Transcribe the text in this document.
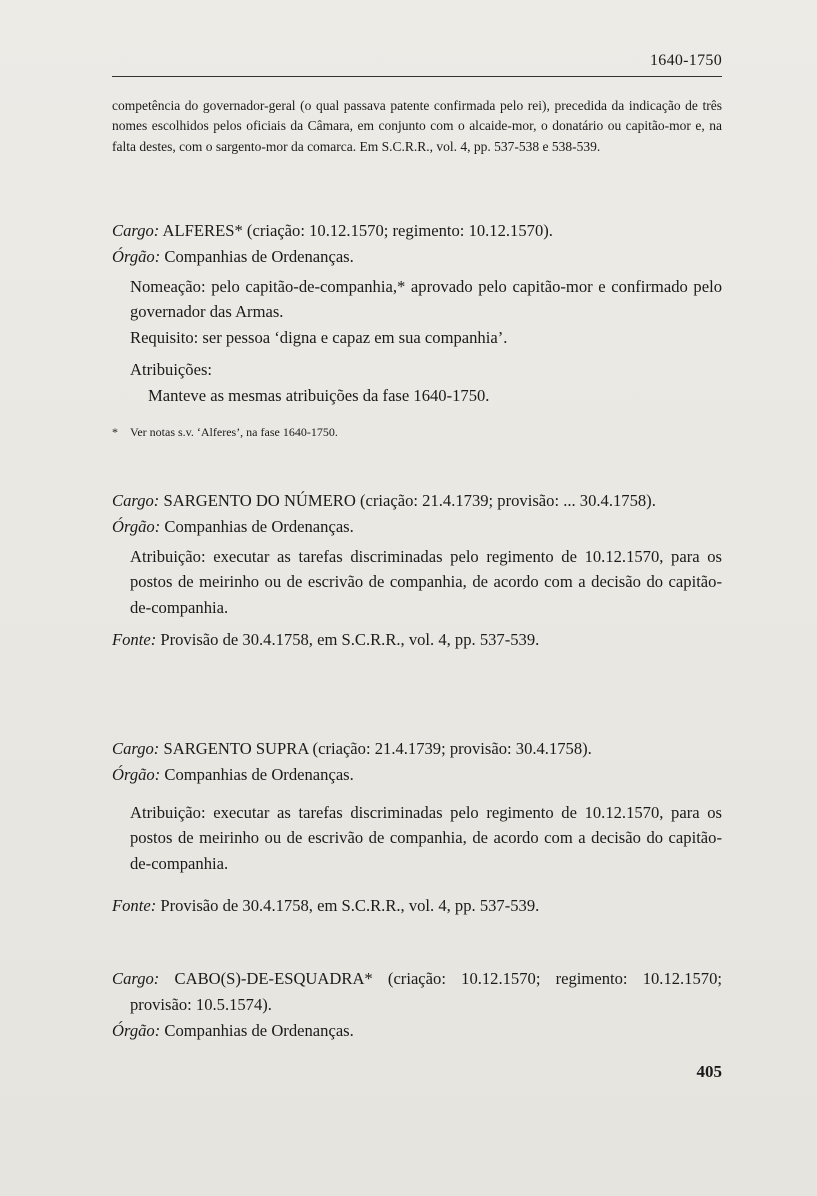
1640-1750

competência do governador-geral (o qual passava patente confirmada pelo rei), precedida da indicação de três nomes escolhidos pelos oficiais da Câmara, em conjunto com o alcaide-mor, o donatário ou capitão-mor e, na falta destes, com o sargento-mor da comarca. Em S.C.R.R., vol. 4, pp. 537-538 e 538-539.

Cargo: ALFERES* (criação: 10.12.1570; regimento: 10.12.1570).

Órgão: Companhias de Ordenanças.

Nomeação: pelo capitão-de-companhia,* aprovado pelo capitão-mor e confirmado pelo governador das Armas.

Requisito: ser pessoa ‘digna e capaz em sua companhia’.

Atribuições:

Manteve as mesmas atribuições da fase 1640-1750.

* Ver notas s.v. ‘Alferes’, na fase 1640-1750.

Cargo: SARGENTO DO NÚMERO (criação: 21.4.1739; provisão: ... 30.4.1758).

Órgão: Companhias de Ordenanças.

Atribuição: executar as tarefas discriminadas pelo regimento de 10.12.1570, para os postos de meirinho ou de escrivão de companhia, de acordo com a decisão do capitão-de-companhia.

Fonte: Provisão de 30.4.1758, em S.C.R.R., vol. 4, pp. 537-539.

Cargo: SARGENTO SUPRA (criação: 21.4.1739; provisão: 30.4.1758).

Órgão: Companhias de Ordenanças.

Atribuição: executar as tarefas discriminadas pelo regimento de 10.12.1570, para os postos de meirinho ou de escrivão de companhia, de acordo com a decisão do capitão-de-companhia.

Fonte: Provisão de 30.4.1758, em S.C.R.R., vol. 4, pp. 537-539.

Cargo: CABO(S)-DE-ESQUADRA* (criação: 10.12.1570; regimento: 10.12.1570; provisão: 10.5.1574).

Órgão: Companhias de Ordenanças.

405
